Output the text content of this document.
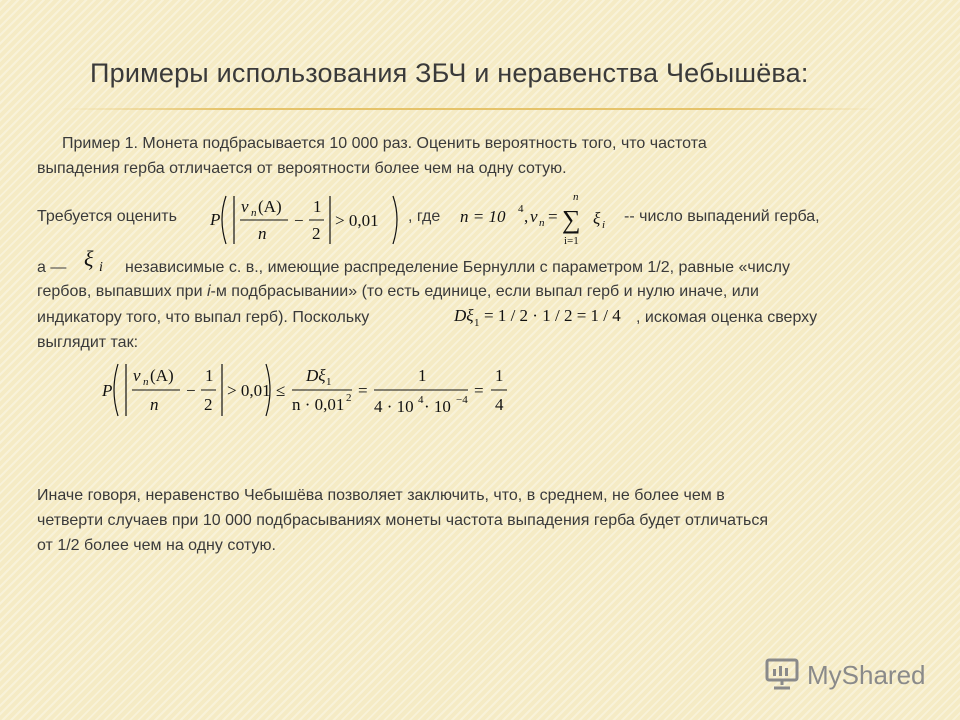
Примеры использования ЗБЧ и неравенства Чебышёва:
Пример 1. Монета подбрасывается 10 000 раз. Оценить вероятность того, что частота
выпадения герба отличается от вероятности более чем на одну сотую.
Требуется оценить P
ν n (A)
n
−
1
2
> 0,01 , где n = 10 4 , ν n =
n
∑
i=1
ξ i -- число выпадений герба,
а — ξ i независимые с. в., имеющие распределение Бернулли с параметром 1/2, равные «числу
гербов, выпавших при i-м подбрасывании» (то есть единице, если выпал герб и нулю иначе, или
индикатору того, что выпал герб). Поскольку	Dξ 1 = 1 / 2 · 1 / 2 = 1 / 4 , искомая оценка сверху
выглядит так:
P
ν n (A)
n
−
1
2
> 0,01 ≤
Dξ 1
n · 0,01 2 =
1
4 · 10 4 · 10 −4 =
1
4
Иначе говоря, неравенство Чебышёва позволяет заключить, что, в среднем, не более чем в
четверти случаев при 10 000 подбрасываниях монеты частота выпадения герба будет отличаться
от 1/2 более чем на одну сотую.
MyShared
